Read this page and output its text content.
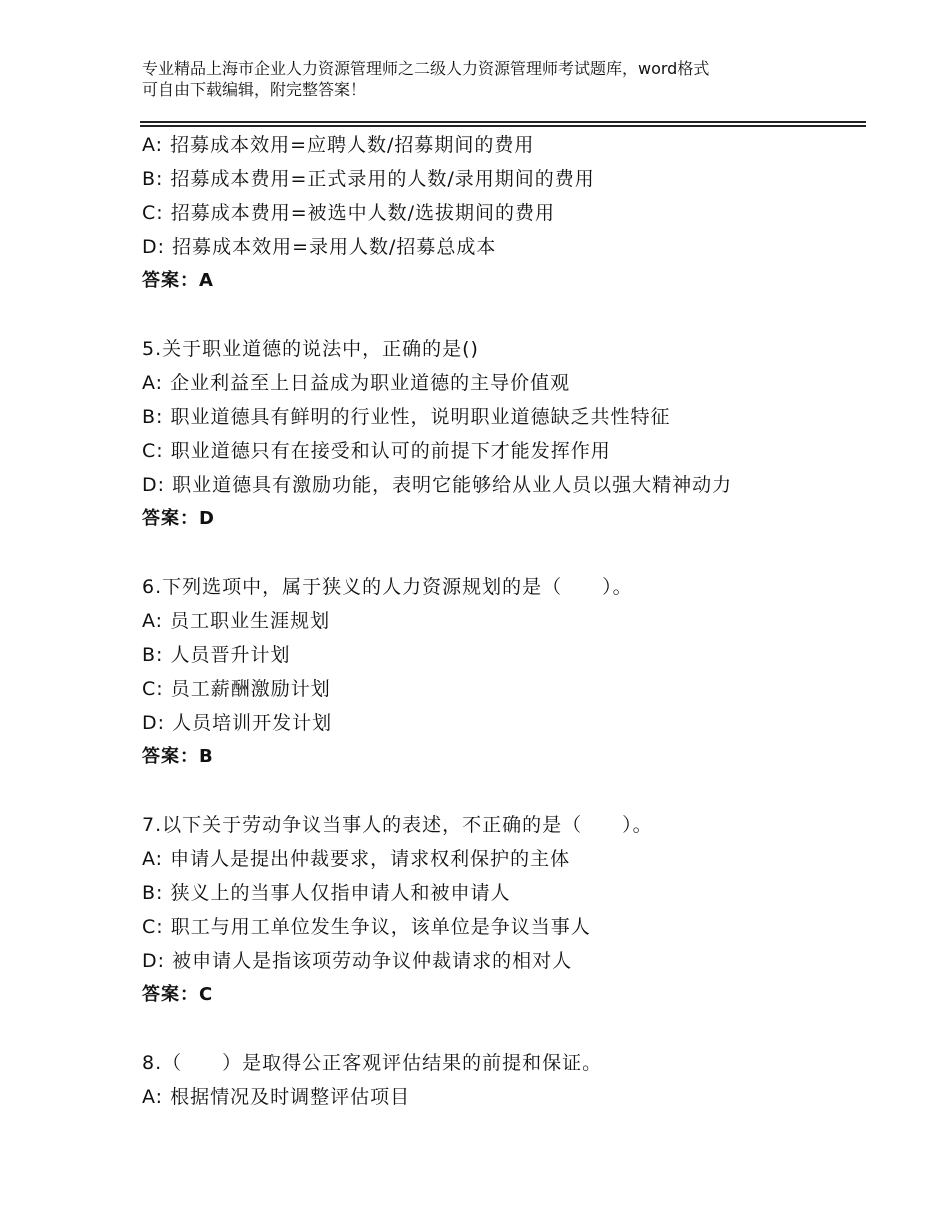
专业精品上海市企业人力资源管理师之二级人力资源管理师考试题库，word格式
可自由下载编辑，附完整答案！
A: 招募成本效用=应聘人数/招募期间的费用
B: 招募成本费用=正式录用的人数/录用期间的费用
C: 招募成本费用=被选中人数/选拔期间的费用
D: 招募成本效用=录用人数/招募总成本
答案：A
5.关于职业道德的说法中，正确的是()
A: 企业利益至上日益成为职业道德的主导价值观
B: 职业道德具有鲜明的行业性，说明职业道德缺乏共性特征
C: 职业道德只有在接受和认可的前提下才能发挥作用
D: 职业道德具有激励功能，表明它能够给从业人员以强大精神动力
答案：D
6.下列选项中，属于狭义的人力资源规划的是（　　）。
A: 员工职业生涯规划
B: 人员晋升计划
C: 员工薪酬激励计划
D: 人员培训开发计划
答案：B
7.以下关于劳动争议当事人的表述，不正确的是（　　）。
A: 申请人是提出仲裁要求，请求权利保护的主体
B: 狭义上的当事人仅指申请人和被申请人
C: 职工与用工单位发生争议，该单位是争议当事人
D: 被申请人是指该项劳动争议仲裁请求的相对人
答案：C
8.（　　）是取得公正客观评估结果的前提和保证。
A: 根据情况及时调整评估项目
